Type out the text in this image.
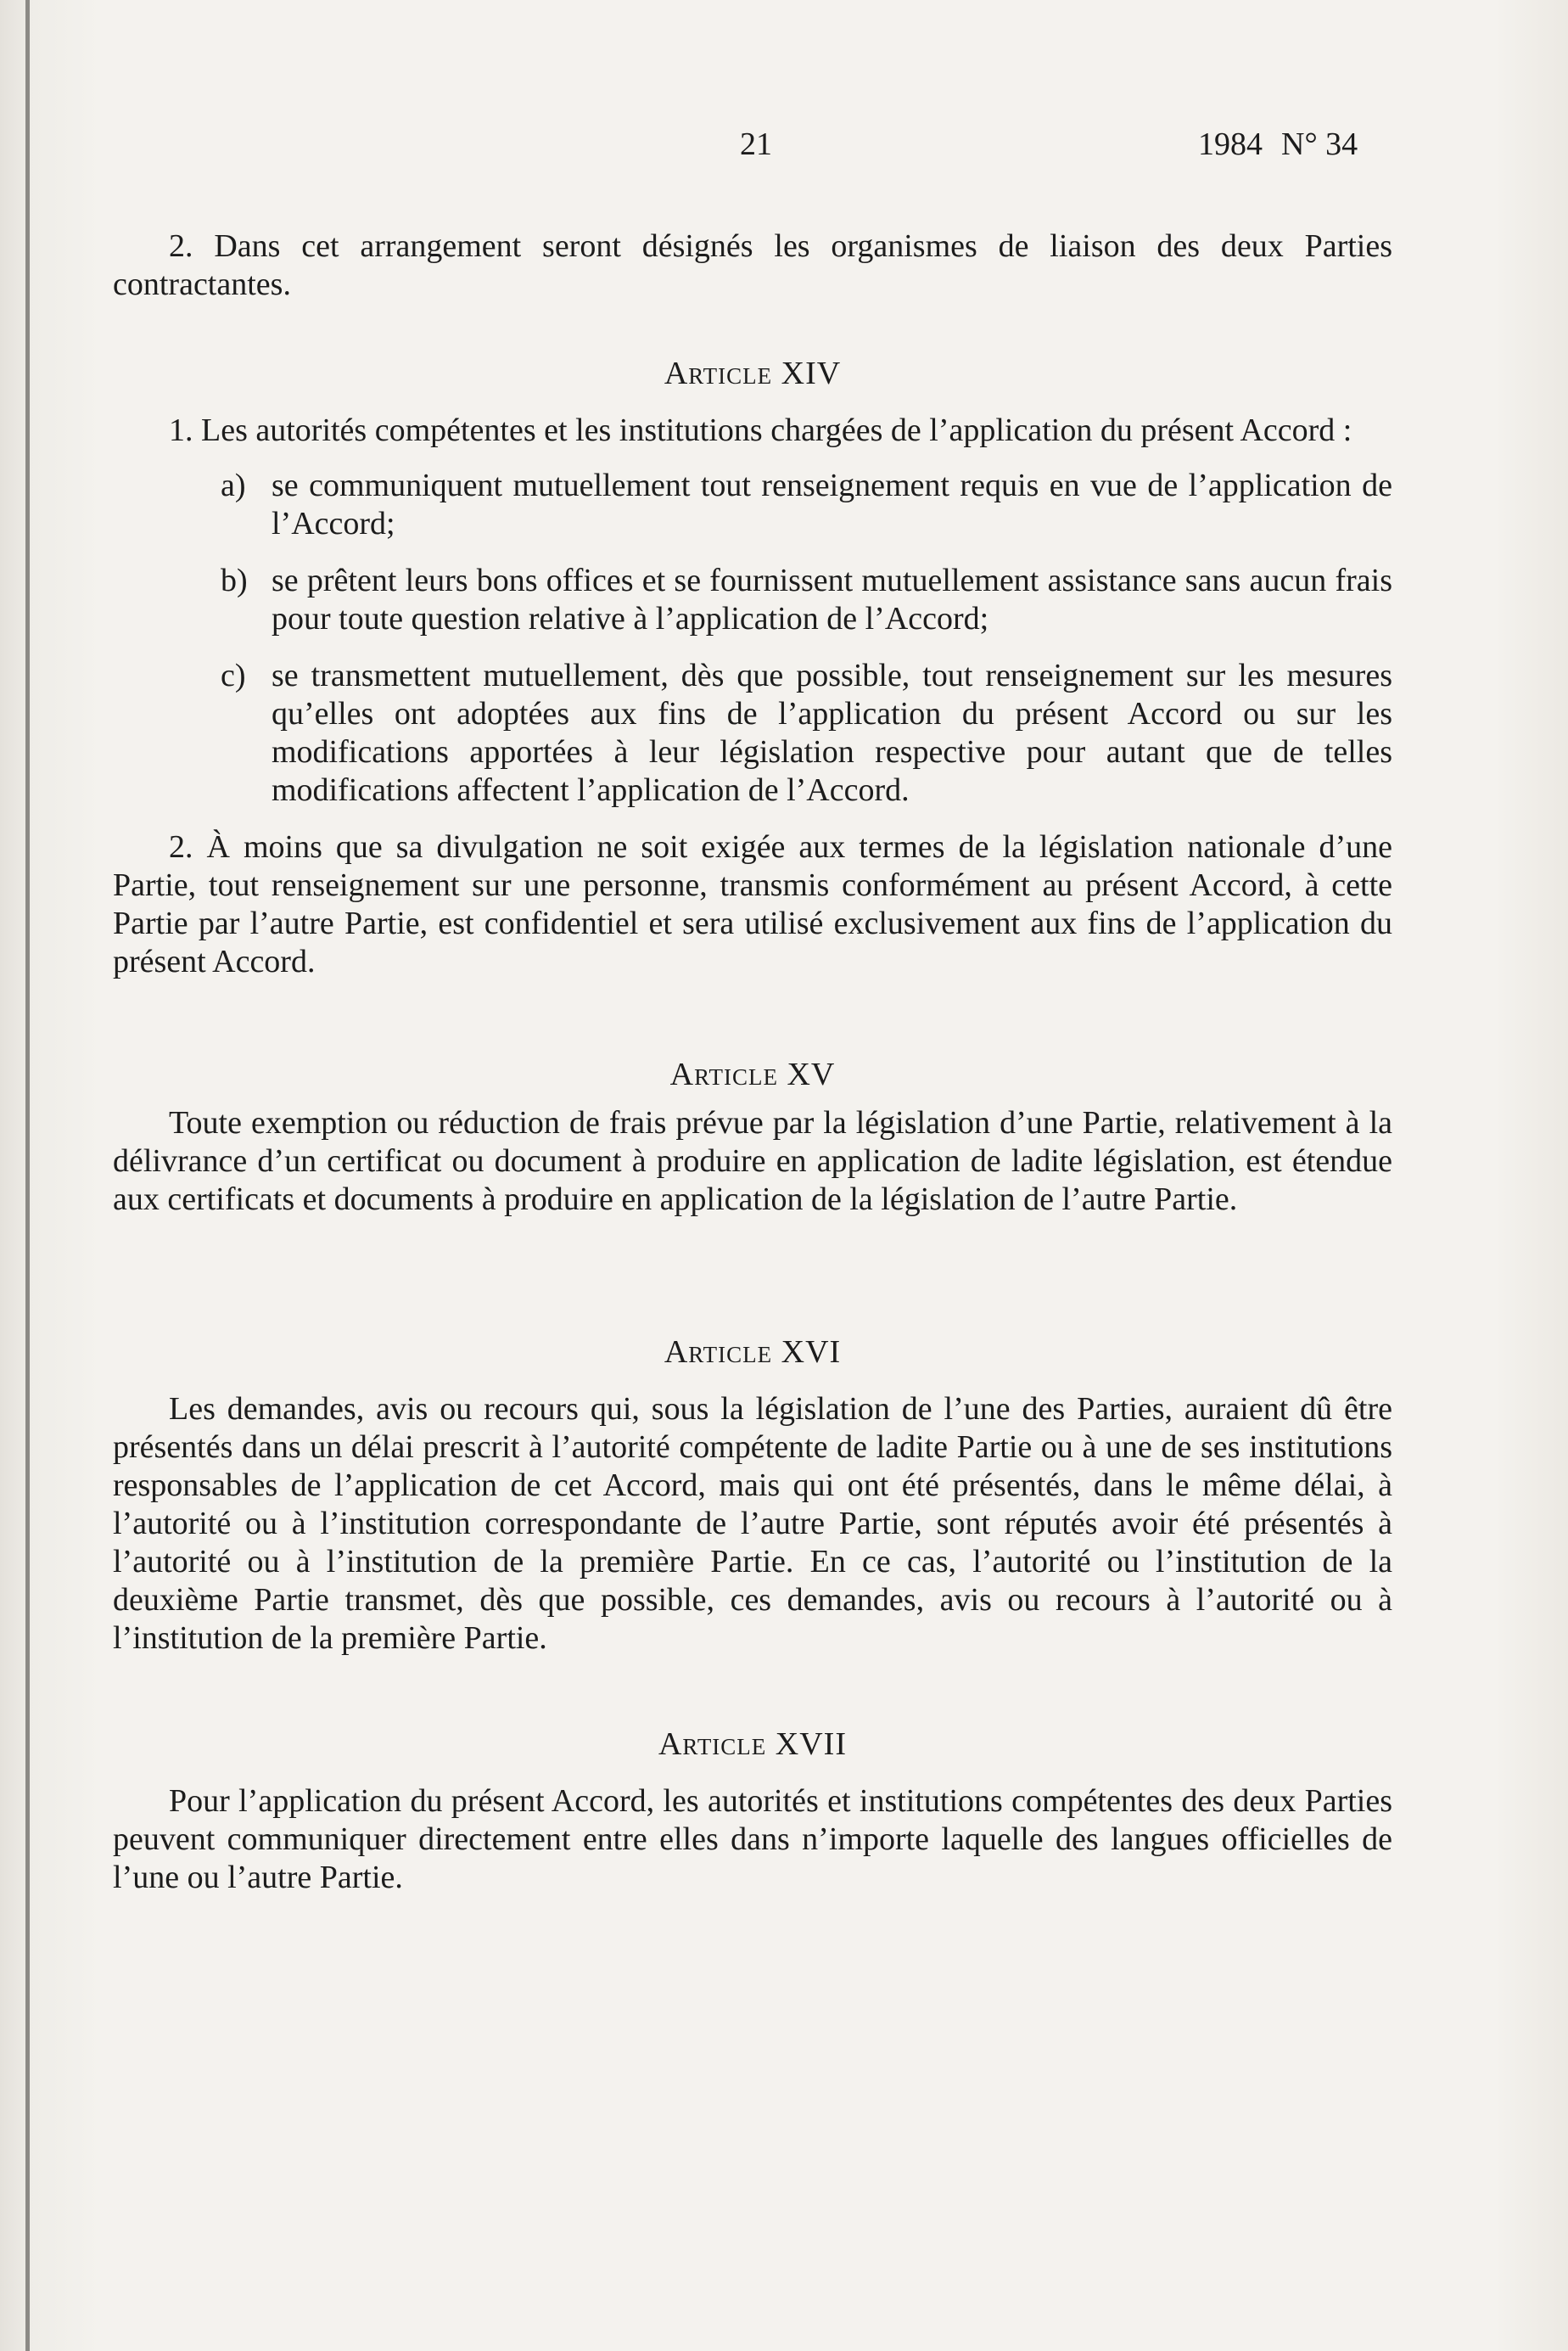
21	1984 N° 34

2. Dans cet arrangement seront désignés les organismes de liaison des deux Parties contractantes.

Article XIV

1. Les autorités compétentes et les institutions chargées de l’application du présent Accord :

a) se communiquent mutuellement tout renseignement requis en vue de l’application de l’Accord;
b) se prêtent leurs bons offices et se fournissent mutuellement assistance sans aucun frais pour toute question relative à l’application de l’Accord;
c) se transmettent mutuellement, dès que possible, tout renseignement sur les mesures qu’elles ont adoptées aux fins de l’application du présent Accord ou sur les modifications apportées à leur législation respective pour autant que de telles modifications affectent l’application de l’Accord.

2. À moins que sa divulgation ne soit exigée aux termes de la législation nationale d’une Partie, tout renseignement sur une personne, transmis conformément au présent Accord, à cette Partie par l’autre Partie, est confidentiel et sera utilisé exclusivement aux fins de l’application du présent Accord.

Article XV

Toute exemption ou réduction de frais prévue par la législation d’une Partie, relativement à la délivrance d’un certificat ou document à produire en application de ladite législation, est étendue aux certificats et documents à produire en application de la législation de l’autre Partie.

Article XVI

Les demandes, avis ou recours qui, sous la législation de l’une des Parties, auraient dû être présentés dans un délai prescrit à l’autorité compétente de ladite Partie ou à une de ses institutions responsables de l’application de cet Accord, mais qui ont été présentés, dans le même délai, à l’autorité ou à l’institution correspondante de l’autre Partie, sont réputés avoir été présentés à l’autorité ou à l’institution de la première Partie. En ce cas, l’autorité ou l’institution de la deuxième Partie transmet, dès que possible, ces demandes, avis ou recours à l’autorité ou à l’institution de la première Partie.

Article XVII

Pour l’application du présent Accord, les autorités et institutions compétentes des deux Parties peuvent communiquer directement entre elles dans n’importe laquelle des langues officielles de l’une ou l’autre Partie.
